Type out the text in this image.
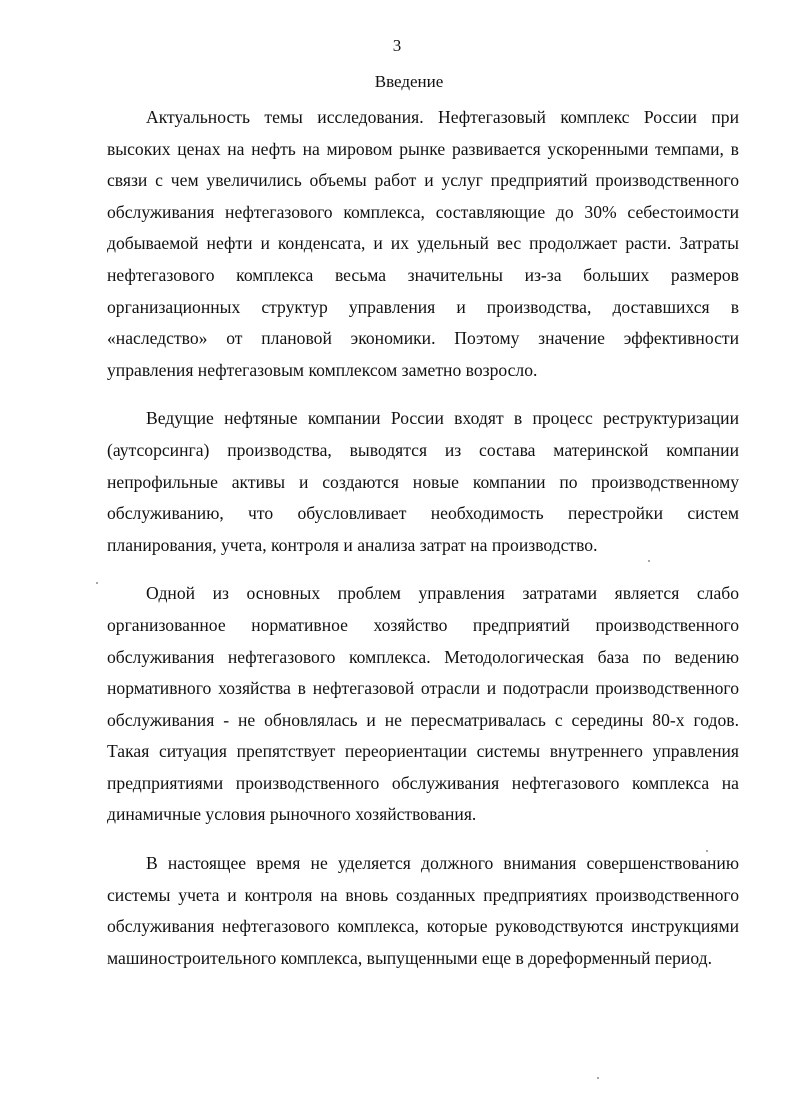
3
Введение

Актуальность темы исследования. Нефтегазовый комплекс России при высоких ценах на нефть на мировом рынке развивается ускоренными темпами, в связи с чем увеличились объемы работ и услуг предприятий производственного обслуживания нефтегазового комплекса, составляющие до 30% себестоимости добываемой нефти и конденсата, и их удельный вес продолжает расти. Затраты нефтегазового комплекса весьма значительны из-за больших размеров организационных структур управления и производства, доставшихся в «наследство» от плановой экономики. Поэтому значение эффективности управления нефтегазовым комплексом заметно возросло.

Ведущие нефтяные компании России входят в процесс реструктуризации (аутсорсинга) производства, выводятся из состава материнской компании непрофильные активы и создаются новые компании по производственному обслуживанию, что обусловливает необходимость перестройки систем планирования, учета, контроля и анализа затрат на производство.

Одной из основных проблем управления затратами является слабо организованное нормативное хозяйство предприятий производственного обслуживания нефтегазового комплекса. Методологическая база по ведению нормативного хозяйства в нефтегазовой отрасли и подотрасли производственного обслуживания - не обновлялась и не пересматривалась с середины 80-х годов. Такая ситуация препятствует переориентации системы внутреннего управления предприятиями производственного обслуживания нефтегазового комплекса на динамичные условия рыночного хозяйствования.

В настоящее время не уделяется должного внимания совершенствованию системы учета и контроля на вновь созданных предприятиях производственного обслуживания нефтегазового комплекса, которые руководствуются инструкциями машиностроительного комплекса, выпущенными еще в дореформенный период.
